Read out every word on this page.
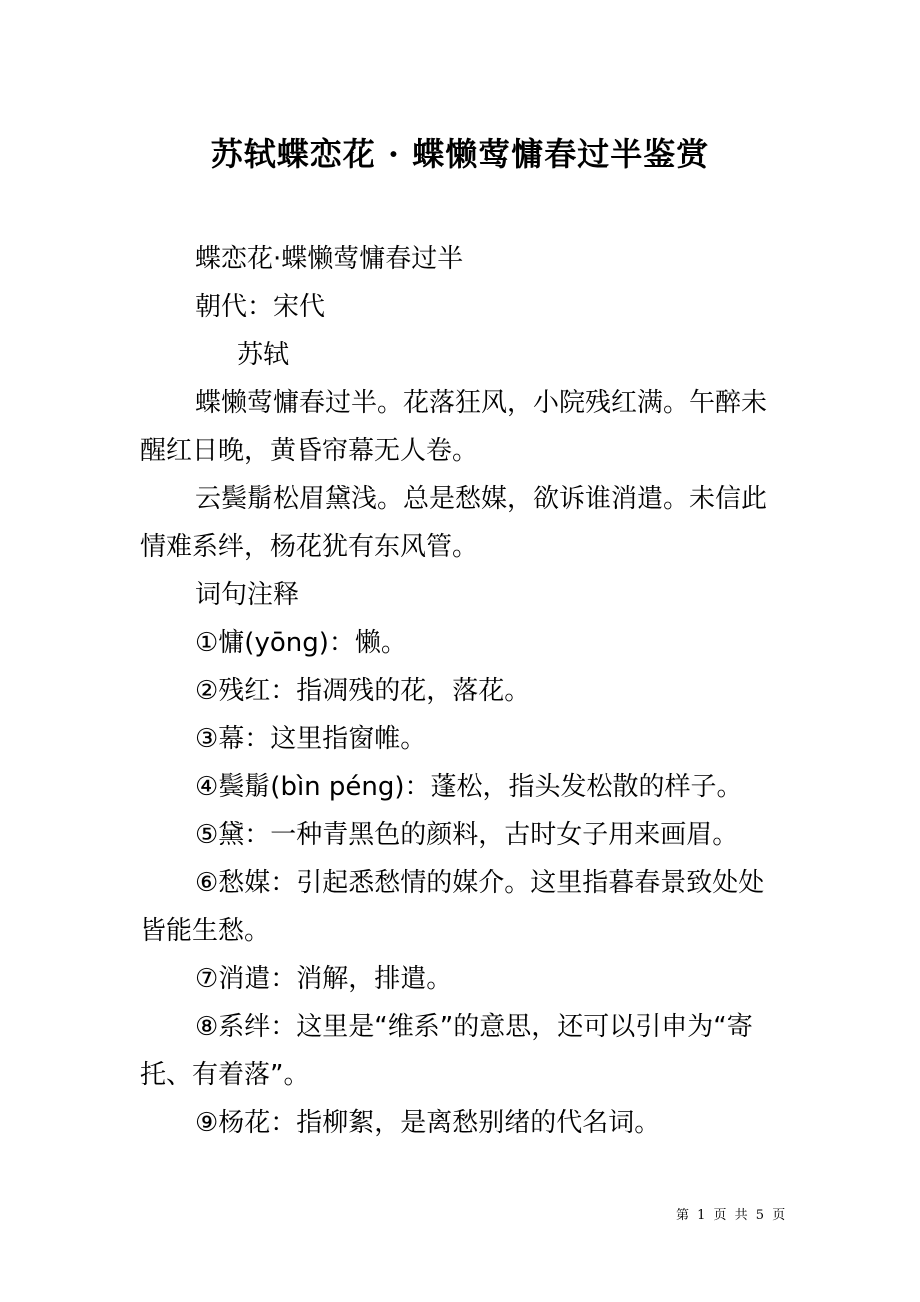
苏轼蝶恋花 · 蝶懒莺慵春过半鉴赏

蝶恋花·蝶懒莺慵春过半

朝代：宋代

苏轼

蝶懒莺慵春过半。花落狂风，小院残红满。午醉未醒红日晚，黄昏帘幕无人卷。

云鬓鬅松眉黛浅。总是愁媒，欲诉谁消遣。未信此情难系绊，杨花犹有东风管。

词句注释

①慵(yōng)：懒。

②残红：指凋残的花，落花。

③幕：这里指窗帷。

④鬓鬅(bìn péng)：蓬松，指头发松散的样子。

⑤黛：一种青黑色的颜料，古时女子用来画眉。

⑥愁媒：引起悉愁情的媒介。这里指暮春景致处处皆能生愁。

⑦消遣：消解，排遣。

⑧系绊：这里是“维系”的意思，还可以引申为“寄托、有着落”。

⑨杨花：指柳絮，是离愁别绪的代名词。

第 1 页 共 5 页
